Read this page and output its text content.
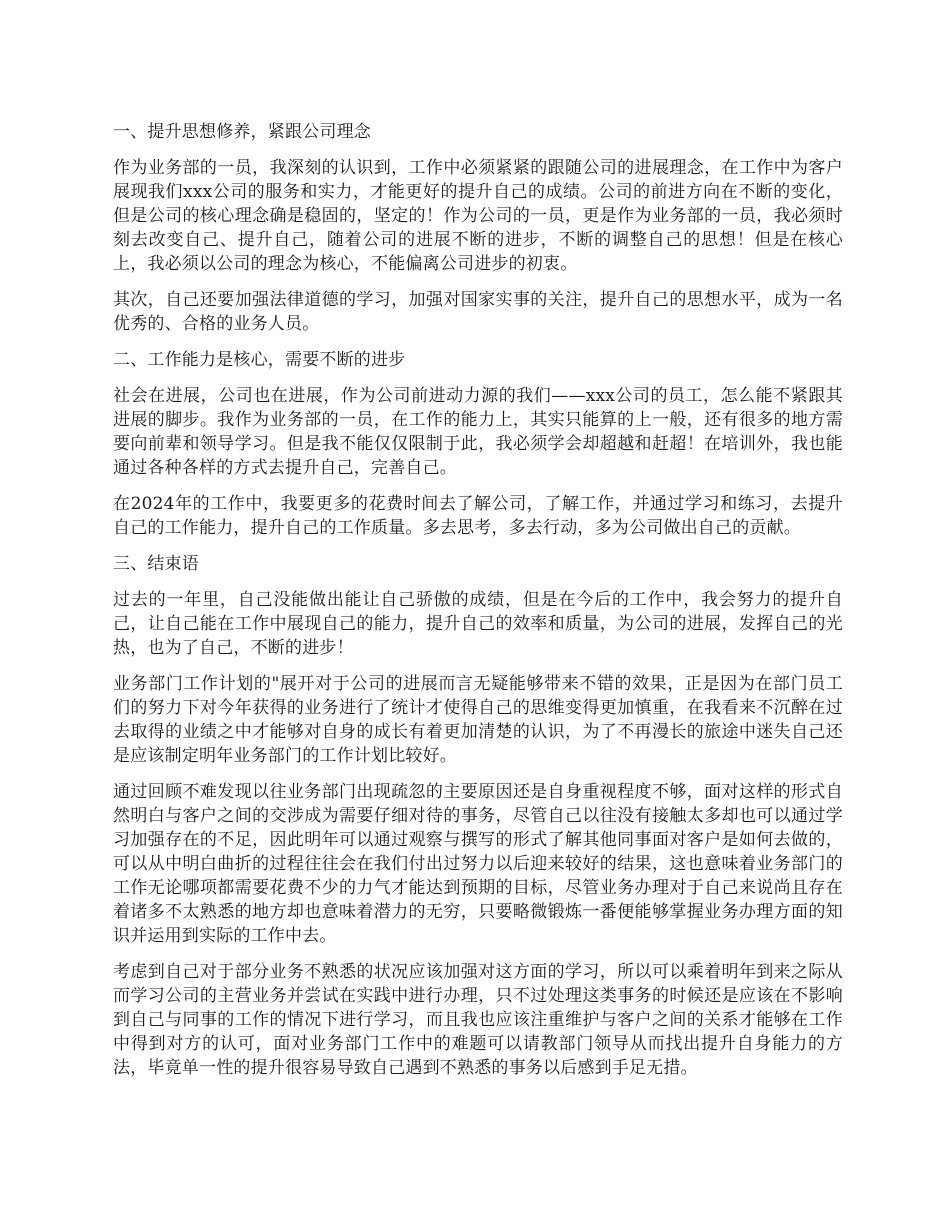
一、提升思想修养，紧跟公司理念

作为业务部的一员，我深刻的认识到，工作中必须紧紧的跟随公司的进展理念，在工作中为客户展现我们xxx公司的服务和实力，才能更好的提升自己的成绩。公司的前进方向在不断的变化，但是公司的核心理念确是稳固的，坚定的！作为公司的一员，更是作为业务部的一员，我必须时刻去改变自己、提升自己，随着公司的进展不断的进步，不断的调整自己的思想！但是在核心上，我必须以公司的理念为核心，不能偏离公司进步的初衷。

其次，自己还要加强法律道德的学习，加强对国家实事的关注，提升自己的思想水平，成为一名优秀的、合格的业务人员。

二、工作能力是核心，需要不断的进步

社会在进展，公司也在进展，作为公司前进动力源的我们——xxx公司的员工，怎么能不紧跟其进展的脚步。我作为业务部的一员，在工作的能力上，其实只能算的上一般，还有很多的地方需要向前辈和领导学习。但是我不能仅仅限制于此，我必须学会却超越和赶超！在培训外，我也能通过各种各样的方式去提升自己，完善自己。

在2024年的工作中，我要更多的花费时间去了解公司，了解工作，并通过学习和练习，去提升自己的工作能力，提升自己的工作质量。多去思考，多去行动，多为公司做出自己的贡献。

三、结束语

过去的一年里，自己没能做出能让自己骄傲的成绩，但是在今后的工作中，我会努力的提升自己，让自己能在工作中展现自己的能力，提升自己的效率和质量，为公司的进展，发挥自己的光热，也为了自己，不断的进步！

业务部门工作计划的"展开对于公司的进展而言无疑能够带来不错的效果，正是因为在部门员工们的努力下对今年获得的业务进行了统计才使得自己的思维变得更加慎重，在我看来不沉醉在过去取得的业绩之中才能够对自身的成长有着更加清楚的认识，为了不再漫长的旅途中迷失自己还是应该制定明年业务部门的工作计划比较好。

通过回顾不难发现以往业务部门出现疏忽的主要原因还是自身重视程度不够，面对这样的形式自然明白与客户之间的交涉成为需要仔细对待的事务，尽管自己以往没有接触太多却也可以通过学习加强存在的不足，因此明年可以通过观察与撰写的形式了解其他同事面对客户是如何去做的，可以从中明白曲折的过程往往会在我们付出过努力以后迎来较好的结果，这也意味着业务部门的工作无论哪项都需要花费不少的力气才能达到预期的目标，尽管业务办理对于自己来说尚且存在着诸多不太熟悉的地方却也意味着潜力的无穷，只要略微锻炼一番便能够掌握业务办理方面的知识并运用到实际的工作中去。

考虑到自己对于部分业务不熟悉的状况应该加强对这方面的学习，所以可以乘着明年到来之际从而学习公司的主营业务并尝试在实践中进行办理，只不过处理这类事务的时候还是应该在不影响到自己与同事的工作的情况下进行学习，而且我也应该注重维护与客户之间的关系才能够在工作中得到对方的认可，面对业务部门工作中的难题可以请教部门领导从而找出提升自身能力的方法，毕竟单一性的提升很容易导致自己遇到不熟悉的事务以后感到手足无措。
